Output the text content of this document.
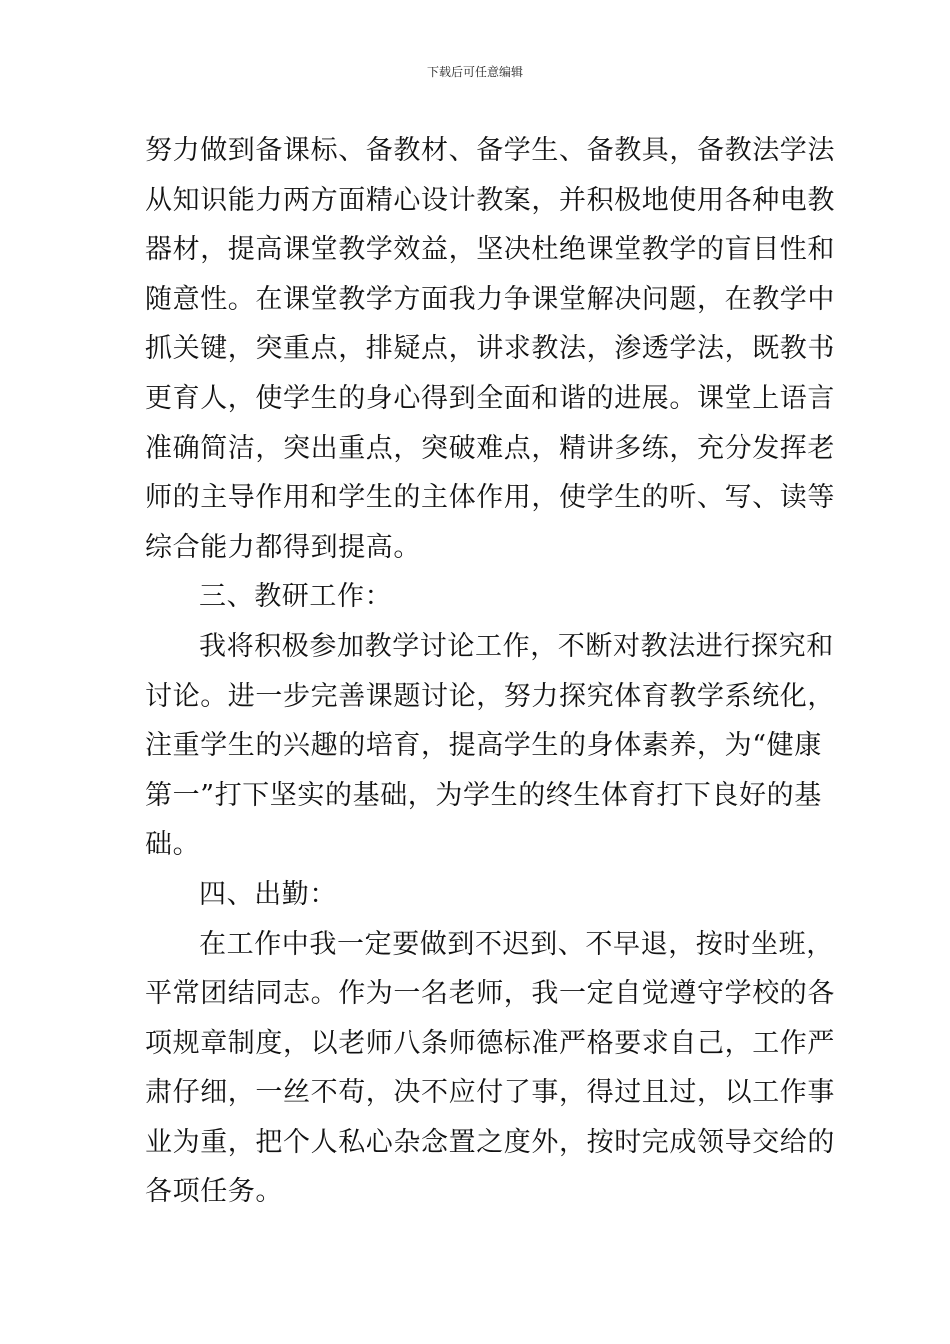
下载后可任意编辑
努力做到备课标、备教材、备学生、备教具，备教法学法
从知识能力两方面精心设计教案，并积极地使用各种电教
器材，提高课堂教学效益，坚决杜绝课堂教学的盲目性和
随意性。在课堂教学方面我力争课堂解决问题，在教学中
抓关键，突重点，排疑点，讲求教法，渗透学法，既教书
更育人，使学生的身心得到全面和谐的进展。课堂上语言
准确简洁，突出重点，突破难点，精讲多练，充分发挥老
师的主导作用和学生的主体作用，使学生的听、写、读等
综合能力都得到提高。
三、教研工作：
我将积极参加教学讨论工作，不断对教法进行探究和
讨论。进一步完善课题讨论，努力探究体育教学系统化，
注重学生的兴趣的培育，提高学生的身体素养，为“健康
第一”打下坚实的基础，为学生的终生体育打下良好的基
础。
四、出勤：
在工作中我一定要做到不迟到、不早退，按时坐班，
平常团结同志。作为一名老师，我一定自觉遵守学校的各
项规章制度，以老师八条师德标准严格要求自己，工作严
肃仔细，一丝不苟，决不应付了事，得过且过，以工作事
业为重，把个人私心杂念置之度外，按时完成领导交给的
各项任务。
